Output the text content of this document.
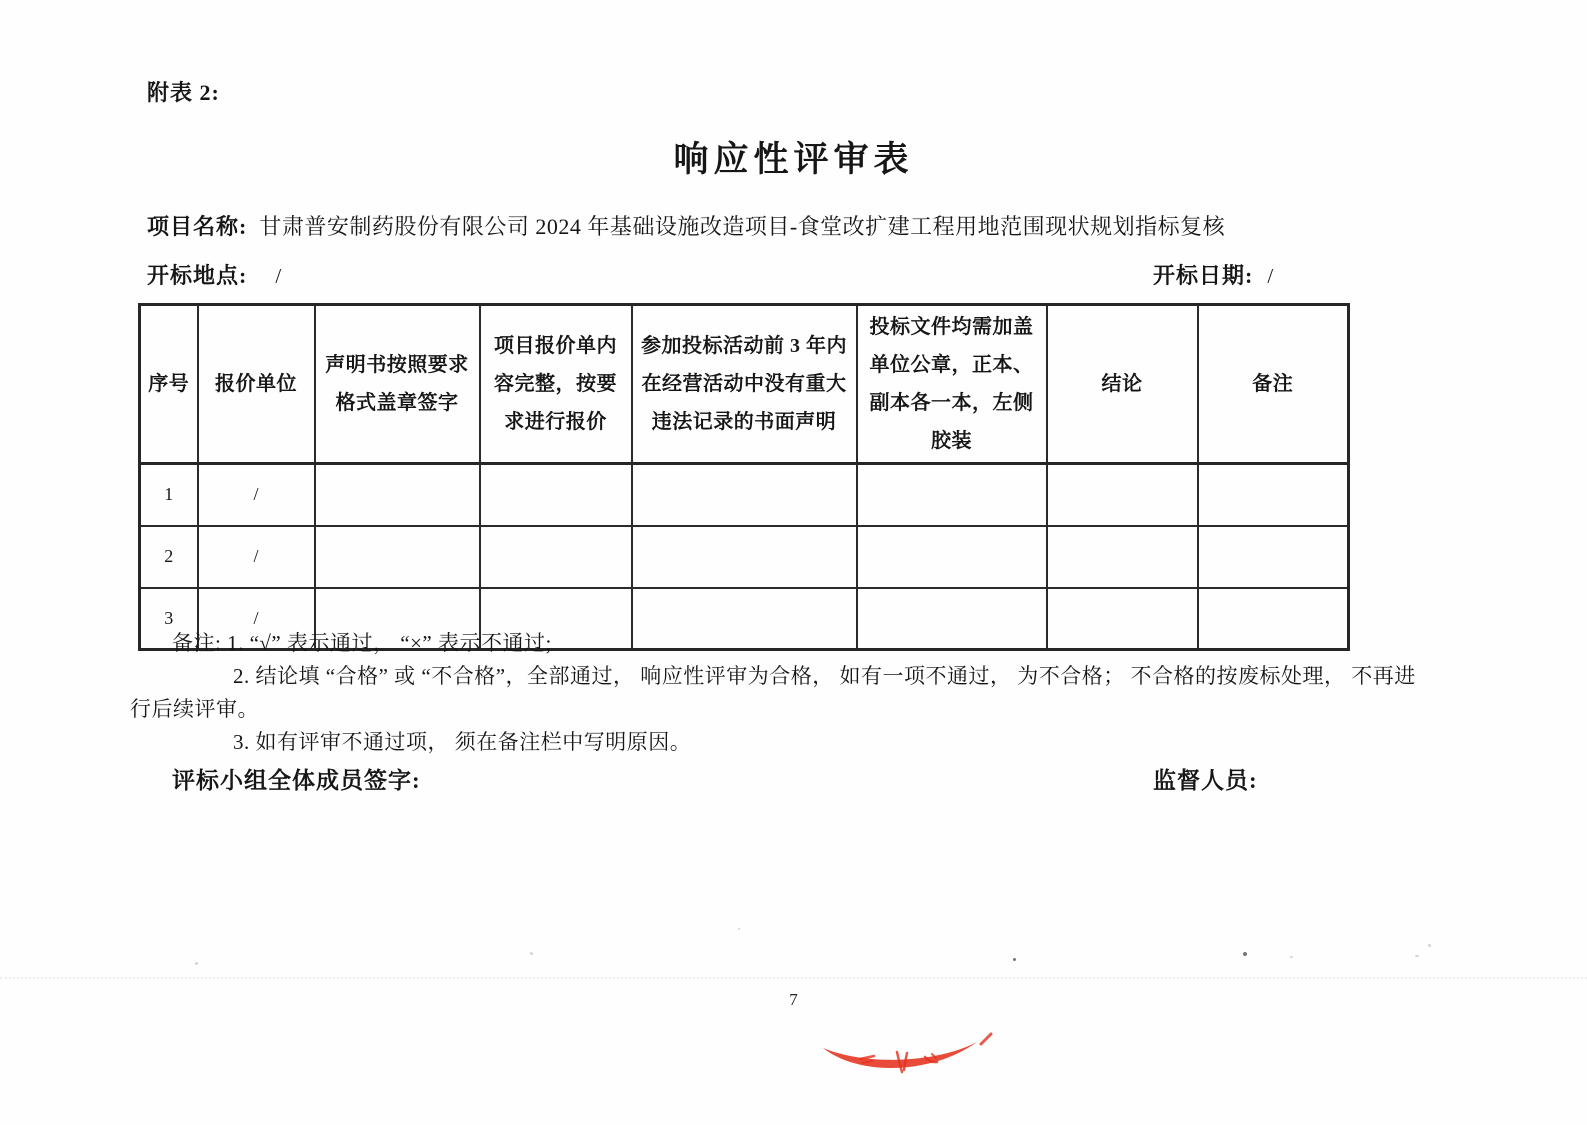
附表 2:
响应性评审表
项目名称: 甘肃普安制药股份有限公司 2024 年基础设施改造项目-食堂改扩建工程用地范围现状规划指标复核
开标地点: /	开标日期: /
序号	报价单位	声明书按照要求格式盖章签字	项目报价单内容完整，按要求进行报价	参加投标活动前 3 年内在经营活动中没有重大违法记录的书面声明	投标文件均需加盖单位公章，正本、副本各一本，左侧胶装	结论	备注
1	/						
2	/						
3	/						
备注: 1. “√” 表示通过， “×” 表示不通过;
2. 结论填 “合格” 或 “不合格”，全部通过， 响应性评审为合格， 如有一项不通过， 为不合格； 不合格的按废标处理， 不再进
行后续评审。
3. 如有评审不通过项， 须在备注栏中写明原因。
评标小组全体成员签字:	监督人员:
7
